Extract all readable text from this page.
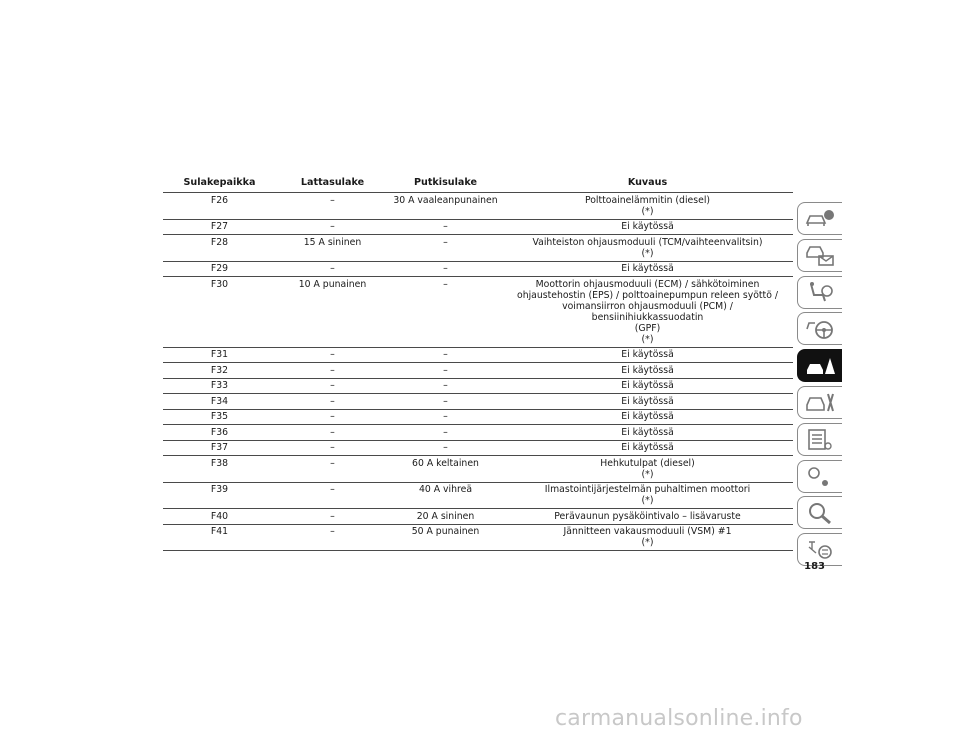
Sulakepaikka	Lattasulake	Putkisulake	Kuvaus
F26	–	30 A vaaleanpunainen	Polttoainelämmitin (diesel)
(*)
F27	–	–	Ei käytössä
F28	15 A sininen	–	Vaihteiston ohjausmoduuli (TCM/vaihteenvalitsin)
(*)
F29	–	–	Ei käytössä
F30	10 A punainen	–	Moottorin ohjausmoduuli (ECM) / sähkötoiminen
ohjaustehostin (EPS) / polttoainepumpun releen syöttö /
voimansiirron ohjausmoduuli (PCM) / bensiinihiukkassuodatin
(GPF)
(*)
F31	–	–	Ei käytössä
F32	–	–	Ei käytössä
F33	–	–	Ei käytössä
F34	–	–	Ei käytössä
F35	–	–	Ei käytössä
F36	–	–	Ei käytössä
F37	–	–	Ei käytössä
F38	–	60 A keltainen	Hehkutulpat (diesel)
(*)
F39	–	40 A vihreä	Ilmastointijärjestelmän puhaltimen moottori
(*)
F40	–	20 A sininen	Perävaunun pysäköintivalo – lisävaruste
F41	–	50 A punainen	Jännitteen vakausmoduuli (VSM) #1
(*)
183
carmanualsonline.info
